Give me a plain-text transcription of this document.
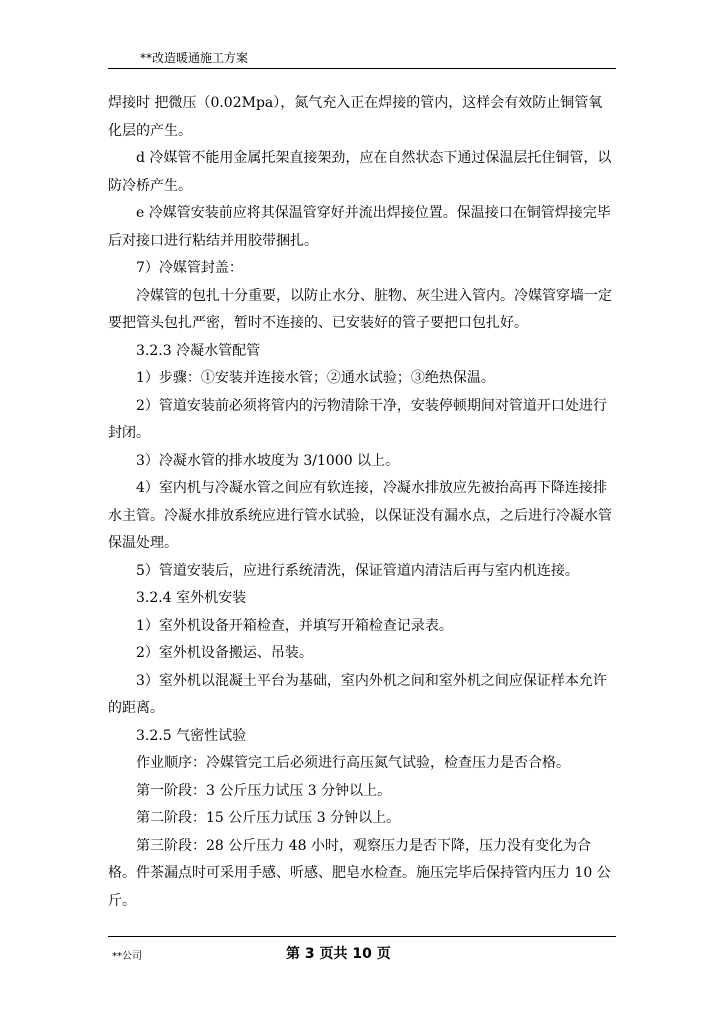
**改造暖通施工方案

焊接时 把微压（0.02Mpa），氮气充入正在焊接的管内，这样会有效防止铜管氧化层的产生。

d 冷媒管不能用金属托架直接架劲，应在自然状态下通过保温层托住铜管，以防冷桥产生。

e 冷媒管安装前应将其保温管穿好并流出焊接位置。保温接口在铜管焊接完毕后对接口进行粘结并用胶带捆扎。

7）冷媒管封盖：

冷媒管的包扎十分重要，以防止水分、脏物、灰尘进入管内。冷媒管穿墙一定要把管头包扎严密，暂时不连接的、已安装好的管子要把口包扎好。

3.2.3 冷凝水管配管

1）步骤：①安装并连接水管；②通水试验；③绝热保温。

2）管道安装前必须将管内的污物清除干净，安装停顿期间对管道开口处进行封闭。

3）冷凝水管的排水坡度为 3/1000 以上。

4）室内机与冷凝水管之间应有软连接，冷凝水排放应先被抬高再下降连接排水主管。冷凝水排放系统应进行管水试验，以保证没有漏水点，之后进行冷凝水管保温处理。

5）管道安装后，应进行系统清洗，保证管道内清洁后再与室内机连接。

3.2.4 室外机安装

1）室外机设备开箱检查，并填写开箱检查记录表。

2）室外机设备搬运、吊装。

3）室外机以混凝土平台为基础，室内外机之间和室外机之间应保证样本允许的距离。

3.2.5 气密性试验

作业顺序：冷媒管完工后必须进行高压氮气试验，检查压力是否合格。

第一阶段：3 公斤压力试压 3 分钟以上。

第二阶段：15 公斤压力试压 3 分钟以上。

第三阶段：28 公斤压力 48 小时，观察压力是否下降，压力没有变化为合格。件茶漏点时可采用手感、听感、肥皂水检查。施压完毕后保持管内压力 10 公斤。

**公司	第 3 页共 10 页
